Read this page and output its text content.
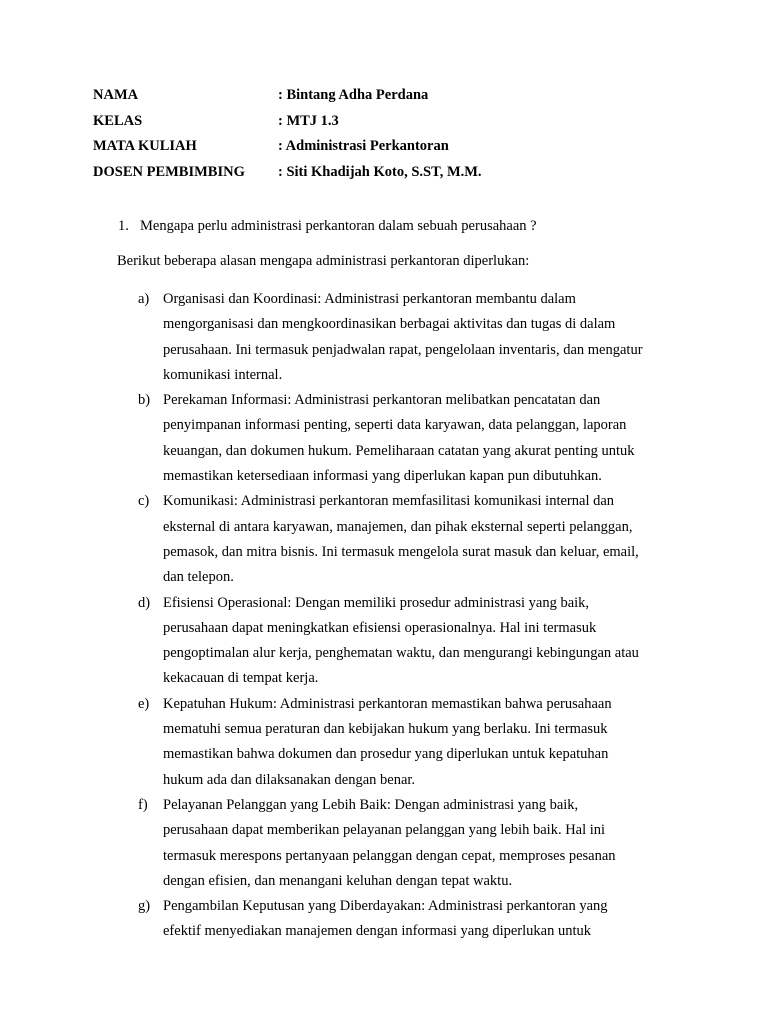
NAMA	: Bintang Adha Perdana
KELAS	: MTJ 1.3
MATA KULIAH	: Administrasi Perkantoran
DOSEN PEMBIMBING : Siti Khadijah Koto, S.ST, M.M.
1. Mengapa perlu administrasi perkantoran dalam sebuah perusahaan ?
Berikut beberapa alasan mengapa administrasi perkantoran diperlukan:
a) Organisasi dan Koordinasi: Administrasi perkantoran membantu dalam
mengorganisasi dan mengkoordinasikan berbagai aktivitas dan tugas di dalam
perusahaan. Ini termasuk penjadwalan rapat, pengelolaan inventaris, dan mengatur
komunikasi internal.
b) Perekaman Informasi: Administrasi perkantoran melibatkan pencatatan dan
penyimpanan informasi penting, seperti data karyawan, data pelanggan, laporan
keuangan, dan dokumen hukum. Pemeliharaan catatan yang akurat penting untuk
memastikan ketersediaan informasi yang diperlukan kapan pun dibutuhkan.
c) Komunikasi: Administrasi perkantoran memfasilitasi komunikasi internal dan
eksternal di antara karyawan, manajemen, dan pihak eksternal seperti pelanggan,
pemasok, dan mitra bisnis. Ini termasuk mengelola surat masuk dan keluar, email,
dan telepon.
d) Efisiensi Operasional: Dengan memiliki prosedur administrasi yang baik,
perusahaan dapat meningkatkan efisiensi operasionalnya. Hal ini termasuk
pengoptimalan alur kerja, penghematan waktu, dan mengurangi kebingungan atau
kekacauan di tempat kerja.
e) Kepatuhan Hukum: Administrasi perkantoran memastikan bahwa perusahaan
mematuhi semua peraturan dan kebijakan hukum yang berlaku. Ini termasuk
memastikan bahwa dokumen dan prosedur yang diperlukan untuk kepatuhan
hukum ada dan dilaksanakan dengan benar.
f) Pelayanan Pelanggan yang Lebih Baik: Dengan administrasi yang baik,
perusahaan dapat memberikan pelayanan pelanggan yang lebih baik. Hal ini
termasuk merespons pertanyaan pelanggan dengan cepat, memproses pesanan
dengan efisien, dan menangani keluhan dengan tepat waktu.
g) Pengambilan Keputusan yang Diberdayakan: Administrasi perkantoran yang
efektif menyediakan manajemen dengan informasi yang diperlukan untuk
